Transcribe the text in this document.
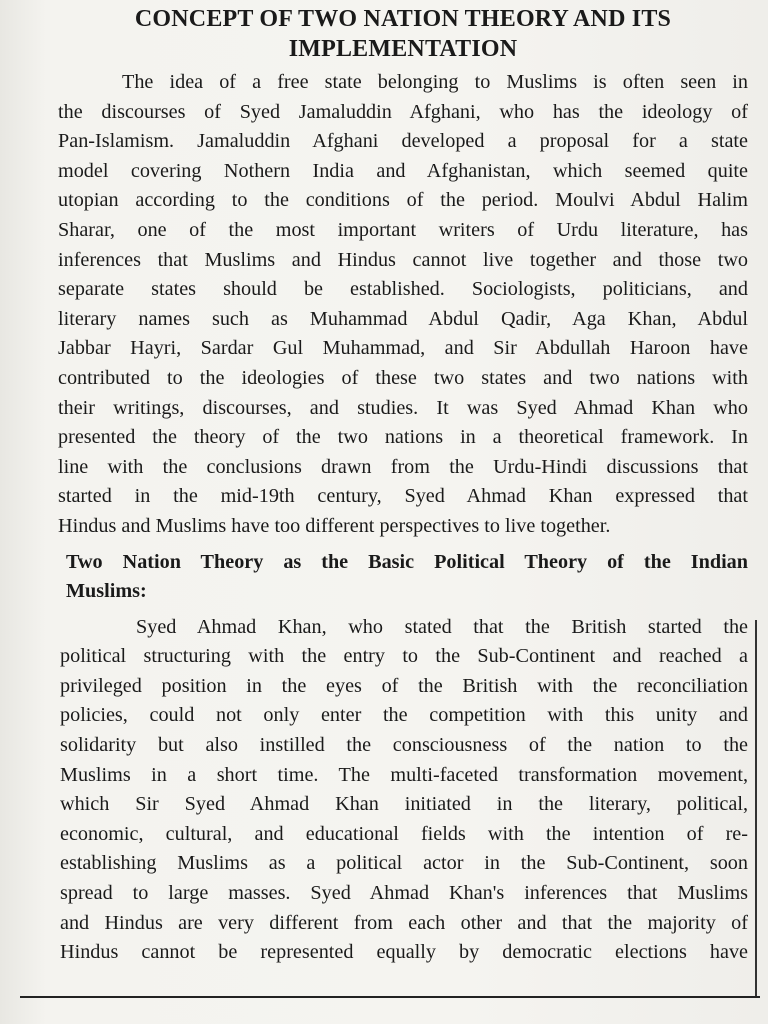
CONCEPT OF TWO NATION THEORY AND ITS
IMPLEMENTATION

The idea of a free state belonging to Muslims is often seen in
the discourses of Syed Jamaluddin Afghani, who has the ideology of
Pan-Islamism. Jamaluddin Afghani developed a proposal for a state
model covering Nothern India and Afghanistan, which seemed quite
utopian according to the conditions of the period. Moulvi Abdul Halim
Sharar, one of the most important writers of Urdu literature, has
inferences that Muslims and Hindus cannot live together and those two
separate states should be established. Sociologists, politicians, and
literary names such as Muhammad Abdul Qadir, Aga Khan, Abdul
Jabbar Hayri, Sardar Gul Muhammad, and Sir Abdullah Haroon have
contributed to the ideologies of these two states and two nations with
their writings, discourses, and studies. It was Syed Ahmad Khan who
presented the theory of the two nations in a theoretical framework. In
line with the conclusions drawn from the Urdu-Hindi discussions that
started in the mid-19th century, Syed Ahmad Khan expressed that
Hindus and Muslims have too different perspectives to live together.

Two Nation Theory as the Basic Political Theory of the Indian
Muslims:

Syed Ahmad Khan, who stated that the British started the
political structuring with the entry to the Sub-Continent and reached a
privileged position in the eyes of the British with the reconciliation
policies, could not only enter the competition with this unity and
solidarity but also instilled the consciousness of the nation to the
Muslims in a short time. The multi-faceted transformation movement,
which Sir Syed Ahmad Khan initiated in the literary, political,
economic, cultural, and educational fields with the intention of re-
establishing Muslims as a political actor in the Sub-Continent, soon
spread to large masses. Syed Ahmad Khan's inferences that Muslims
and Hindus are very different from each other and that the majority of
Hindus cannot be represented equally by democratic elections have
